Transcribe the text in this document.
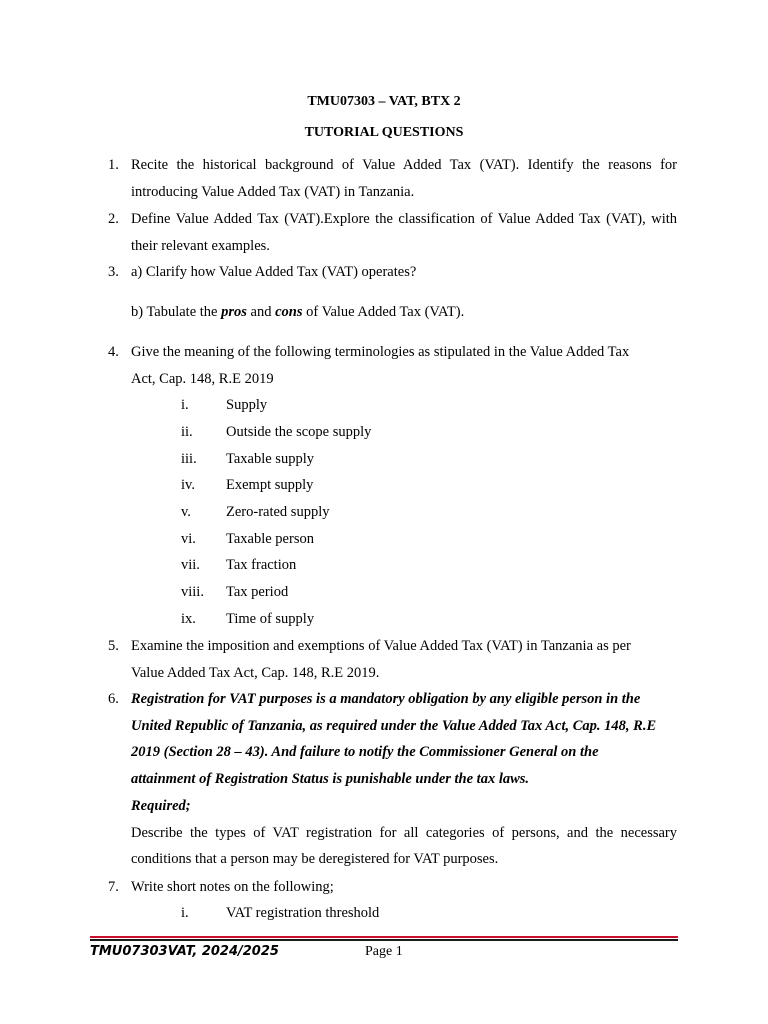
TMU07303 – VAT, BTX 2
TUTORIAL QUESTIONS
1. Recite the historical background of Value Added Tax (VAT). Identify the reasons for introducing Value Added Tax (VAT) in Tanzania.
2. Define Value Added Tax (VAT).Explore the classification of Value Added Tax (VAT), with their relevant examples.
3. a) Clarify how Value Added Tax (VAT) operates?
b) Tabulate the pros and cons of Value Added Tax (VAT).
4. Give the meaning of the following terminologies as stipulated in the Value Added Tax Act, Cap. 148, R.E 2019
i.	Supply
ii. Outside the scope supply
iii. Taxable supply
iv. Exempt supply
v. Zero-rated supply
vi. Taxable person
vii. Tax fraction
viii. Tax period
ix. Time of supply
5. Examine the imposition and exemptions of Value Added Tax (VAT) in Tanzania as per Value Added Tax Act, Cap. 148, R.E 2019.
6. Registration for VAT purposes is a mandatory obligation by any eligible person in the United Republic of Tanzania, as required under the Value Added Tax Act, Cap. 148, R.E 2019 (Section 28 – 43). And failure to notify the Commissioner General on the attainment of Registration Status is punishable under the tax laws.
Required;
Describe the types of VAT registration for all categories of persons, and the necessary conditions that a person may be deregistered for VAT purposes.
7. Write short notes on the following;
i.	VAT registration threshold
TMU07303VAT, 2024/2025	Page 1
